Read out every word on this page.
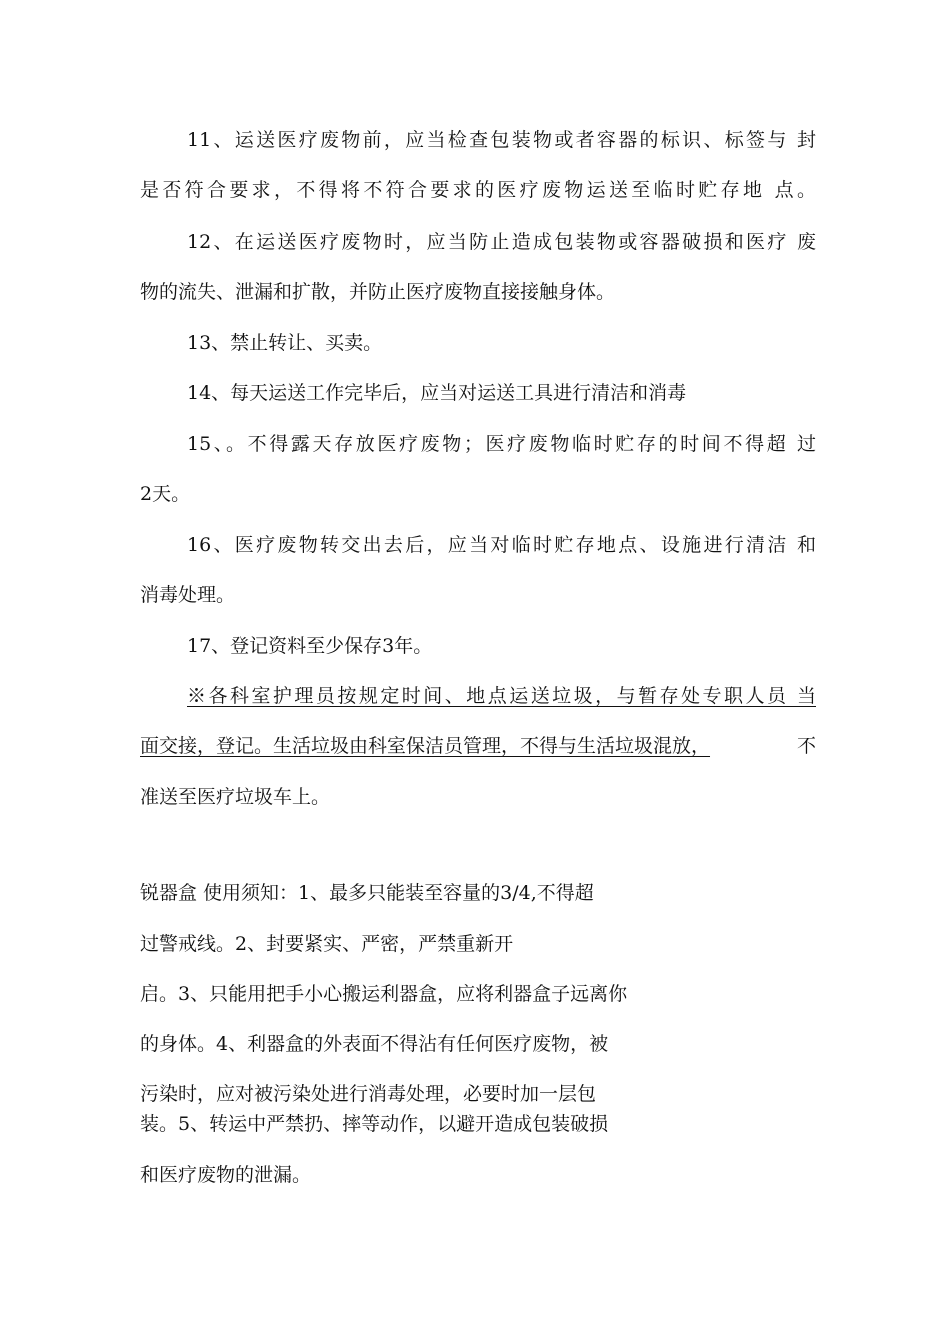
11、运送医疗废物前，应当检查包装物或者容器的标识、标签与 封
是否符合要求，不得将不符合要求的医疗废物运送至临时贮存地 点。
12、在运送医疗废物时，应当防止造成包装物或容器破损和医疗 废
物的流失、泄漏和扩散，并防止医疗废物直接接触身体。
13、禁止转让、买卖。
14、每天运送工作完毕后，应当对运送工具进行清洁和消毒
15、。不得露天存放医疗废物；医疗废物临时贮存的时间不得超 过
2天。
16、医疗废物转交出去后，应当对临时贮存地点、设施进行清洁 和
消毒处理。
17、登记资料至少保存3年。
※各科室护理员按规定时间、地点运送垃圾，与暂存处专职人员 当
面交接，登记。生活垃圾由科室保洁员管理，不得与生活垃圾混放，	不
准送至医疗垃圾车上。
锐器盒 使用须知：1、最多只能装至容量的3/4,不得超
过警戒线。2、封要紧实、严密，严禁重新开
启。3、只能用把手小心搬运利器盒，应将利器盒子远离你
的身体。4、利器盒的外表面不得沾有任何医疗废物，被
污染时，应对被污染处进行消毒处理，必要时加一层包
装。5、转运中严禁扔、摔等动作，以避开造成包装破损
和医疗废物的泄漏。
